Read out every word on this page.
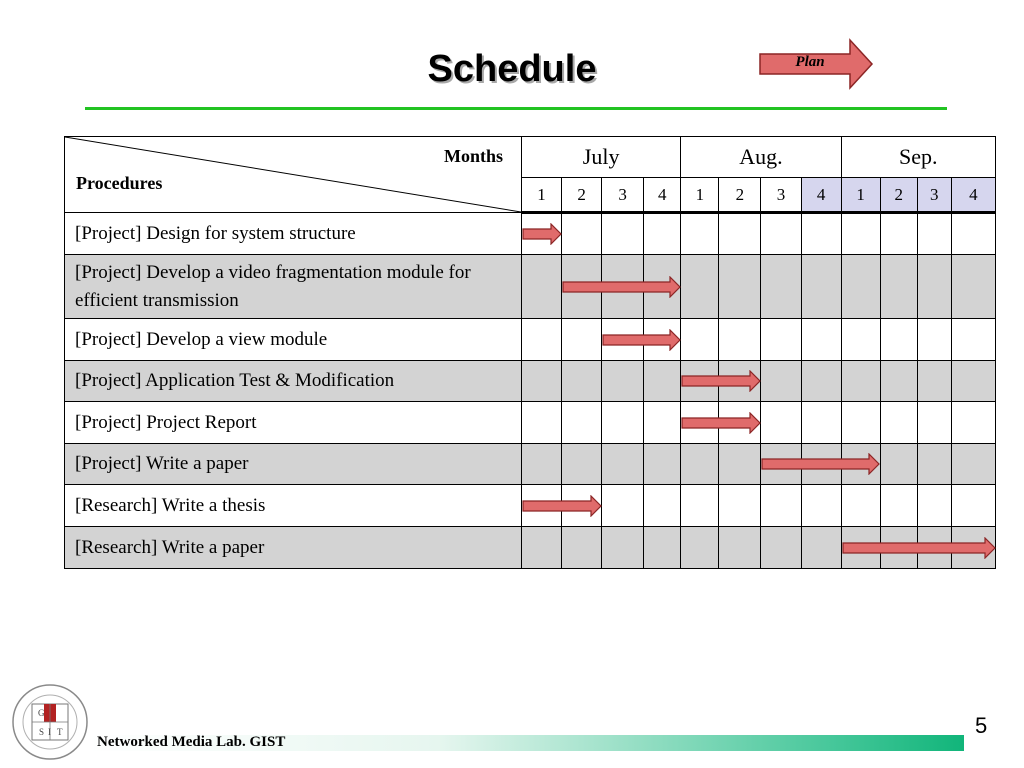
Schedule	Plan
Months
Procedures	July				Aug.				Sep.			
	1	2	3	4	1	2	3	4	1	2	3	4
[Project] Design for system structure	

[Project] Develop a video fragmentation module for efficient transmission		

[Project] Develop a view module			

[Project] Application Test & Modification					

[Project] Project Report					

[Project] Write a paper							

[Research] Write a thesis	

[Research] Write a paper									

G
I
S T
Networked Media Lab. GIST
5
